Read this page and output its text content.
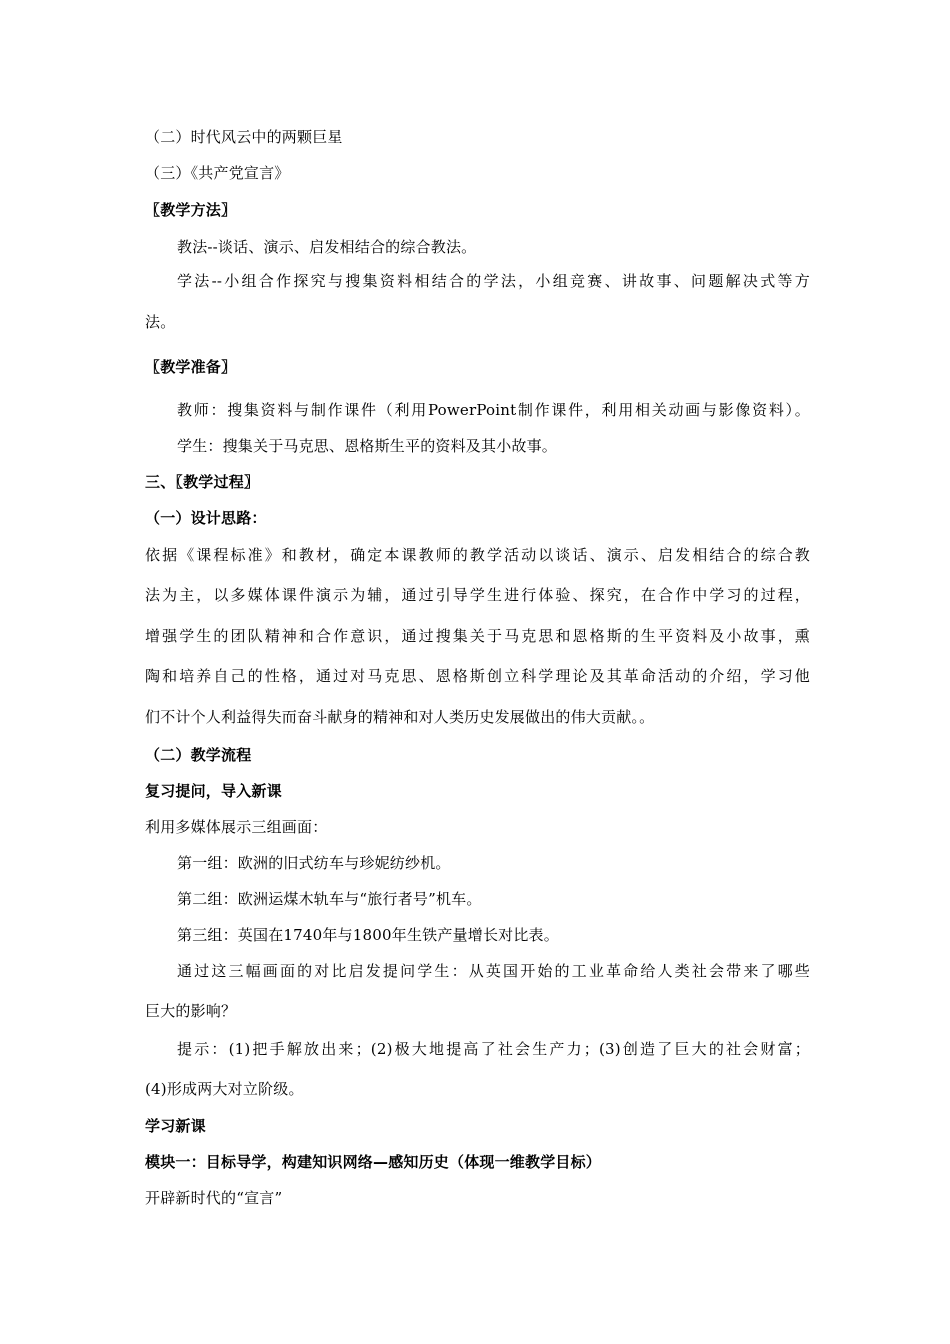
（二）时代风云中的两颗巨星
（三）《共产党宣言》
〖教学方法〗
教法--谈话、演示、启发相结合的综合教法。
学法--小组合作探究与搜集资料相结合的学法，小组竞赛、讲故事、问题解决式等方
法。
〖教学准备〗
教师：搜集资料与制作课件（利用PowerPoint制作课件，利用相关动画与影像资料）。
学生：搜集关于马克思、恩格斯生平的资料及其小故事。
三、〖教学过程〗
（一）设计思路：
依据《课程标准》和教材，确定本课教师的教学活动以谈话、演示、启发相结合的综合教
法为主，以多媒体课件演示为辅，通过引导学生进行体验、探究，在合作中学习的过程，
增强学生的团队精神和合作意识，通过搜集关于马克思和恩格斯的生平资料及小故事，熏
陶和培养自己的性格，通过对马克思、恩格斯创立科学理论及其革命活动的介绍，学习他
们不计个人利益得失而奋斗献身的精神和对人类历史发展做出的伟大贡献。。
（二）教学流程
复习提问，导入新课
利用多媒体展示三组画面：
第一组：欧洲的旧式纺车与珍妮纺纱机。
第二组：欧洲运煤木轨车与“旅行者号”机车。
第三组：英国在1740年与1800年生铁产量增长对比表。
通过这三幅画面的对比启发提问学生：从英国开始的工业革命给人类社会带来了哪些
巨大的影响？
提示：(1)把手解放出来；(2)极大地提高了社会生产力；(3)创造了巨大的社会财富；
(4)形成两大对立阶级。
学习新课
模块一：目标导学，构建知识网络—感知历史（体现一维教学目标）
开辟新时代的“宣言”
